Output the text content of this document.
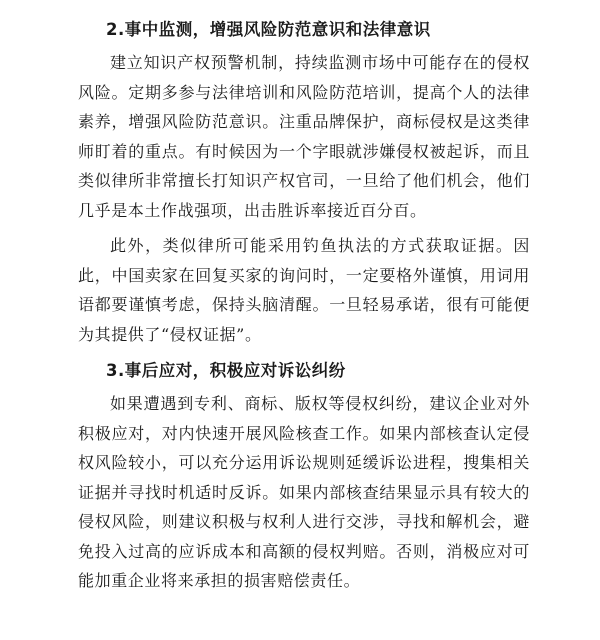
2.事中监测，增强风险防范意识和法律意识

建立知识产权预警机制，持续监测市场中可能存在的侵权风险。定期多参与法律培训和风险防范培训，提高个人的法律素养，增强风险防范意识。注重品牌保护，商标侵权是这类律师盯着的重点。有时候因为一个字眼就涉嫌侵权被起诉，而且类似律所非常擅长打知识产权官司，一旦给了他们机会，他们几乎是本土作战强项，出击胜诉率接近百分百。

此外，类似律所可能采用钓鱼执法的方式获取证据。因此，中国卖家在回复买家的询问时，一定要格外谨慎，用词用语都要谨慎考虑，保持头脑清醒。一旦轻易承诺，很有可能便为其提供了“侵权证据”。

3.事后应对，积极应对诉讼纠纷

如果遭遇到专利、商标、版权等侵权纠纷，建议企业对外积极应对，对内快速开展风险核查工作。如果内部核查认定侵权风险较小，可以充分运用诉讼规则延缓诉讼进程，搜集相关证据并寻找时机适时反诉。如果内部核查结果显示具有较大的侵权风险，则建议积极与权利人进行交涉，寻找和解机会，避免投入过高的应诉成本和高额的侵权判赔。否则，消极应对可能加重企业将来承担的损害赔偿责任。
